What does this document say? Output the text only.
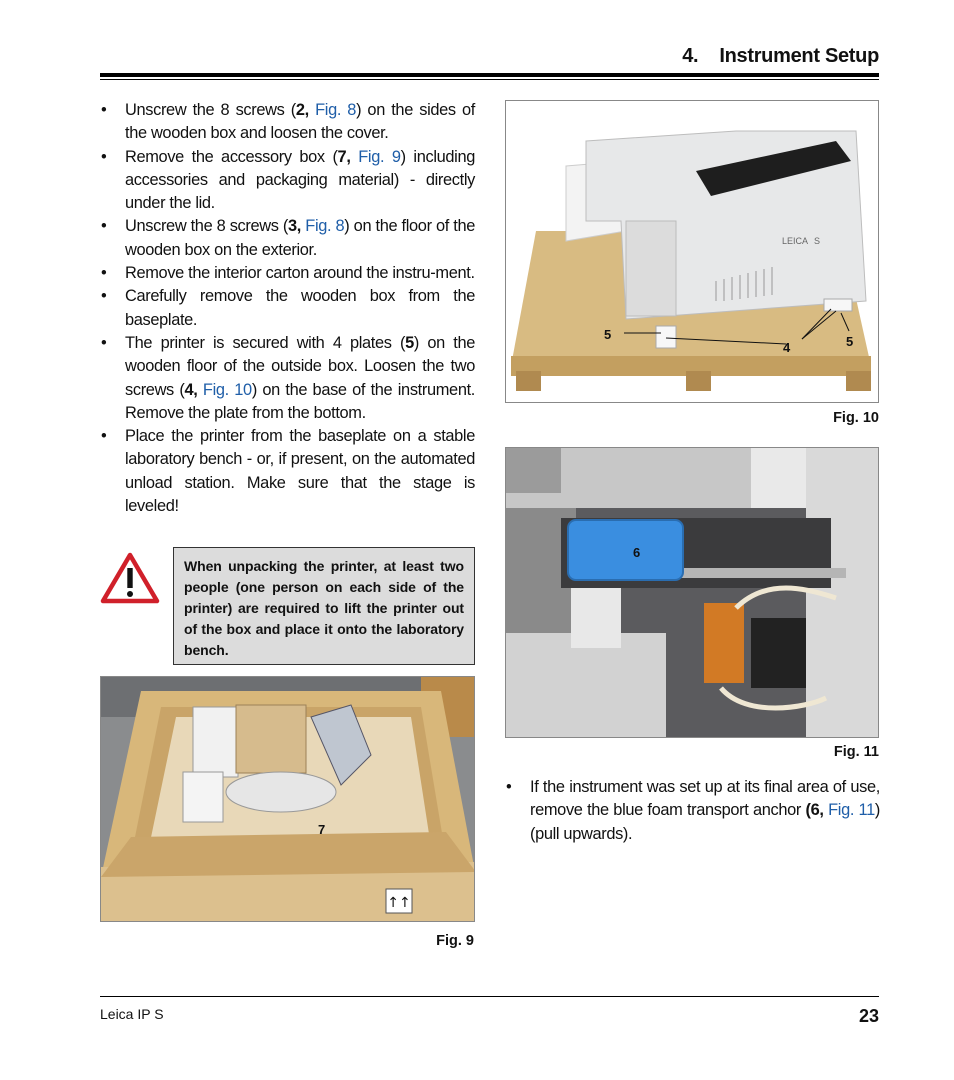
4. Instrument Setup
• Unscrew the 8 screws (2, Fig. 8) on the sides of the wooden box and loosen the cover.
• Remove the accessory box (7, Fig. 9) including accessories and packaging material) - directly under the lid.
• Unscrew the 8 screws (3, Fig. 8) on the floor of the wooden box on the exterior.
• Remove the interior carton around the instru-ment.
• Carefully remove the wooden box from the baseplate.
• The printer is secured with 4 plates (5) on the wooden floor of the outside box. Loosen the two screws (4, Fig. 10) on the base of the instrument. Remove the plate from the bottom.
• Place the printer from the baseplate on a stable laboratory bench - or, if present, on the automated unload station. Make sure that the stage is leveled!
When unpacking the printer, at least two people (one person on each side of the printer) are required to lift the printer out of the box and place it onto the laboratory bench.
↑↑
7
Fig. 9
LEICA S
5
4	5
Fig. 10
6
Fig. 11
• If the instrument was set up at its final area of use, remove the blue foam transport anchor (6, Fig. 11) (pull upwards).
Leica IP S	23
